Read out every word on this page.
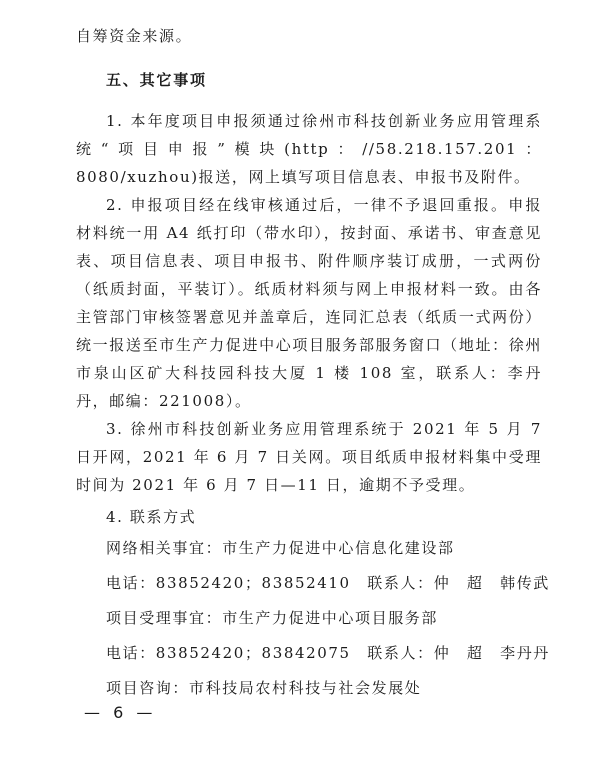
自筹资金来源。

五、其它事项

1. 本年度项目申报须通过徐州市科技创新业务应用管理系统“项目申报”模块(http：//58.218.157.201：8080/xuzhou)报送，网上填写项目信息表、申报书及附件。

2. 申报项目经在线审核通过后，一律不予退回重报。申报材料统一用 A4 纸打印（带水印），按封面、承诺书、审查意见表、项目信息表、项目申报书、附件顺序装订成册，一式两份（纸质封面，平装订）。纸质材料须与网上申报材料一致。由各主管部门审核签署意见并盖章后，连同汇总表（纸质一式两份）统一报送至市生产力促进中心项目服务部服务窗口（地址：徐州市泉山区矿大科技园科技大厦 1 楼 108 室，联系人：李丹丹，邮编：221008）。

3. 徐州市科技创新业务应用管理系统于 2021 年 5 月 7 日开网，2021 年 6 月 7 日关网。项目纸质申报材料集中受理时间为 2021 年 6 月 7 日—11 日，逾期不予受理。

4. 联系方式

网络相关事宜：市生产力促进中心信息化建设部

电话：83852420；83852410　联系人：仲　超　韩传武

项目受理事宜：市生产力促进中心项目服务部

电话：83852420；83842075　联系人：仲　超　李丹丹

项目咨询：市科技局农村科技与社会发展处

— 6 —
